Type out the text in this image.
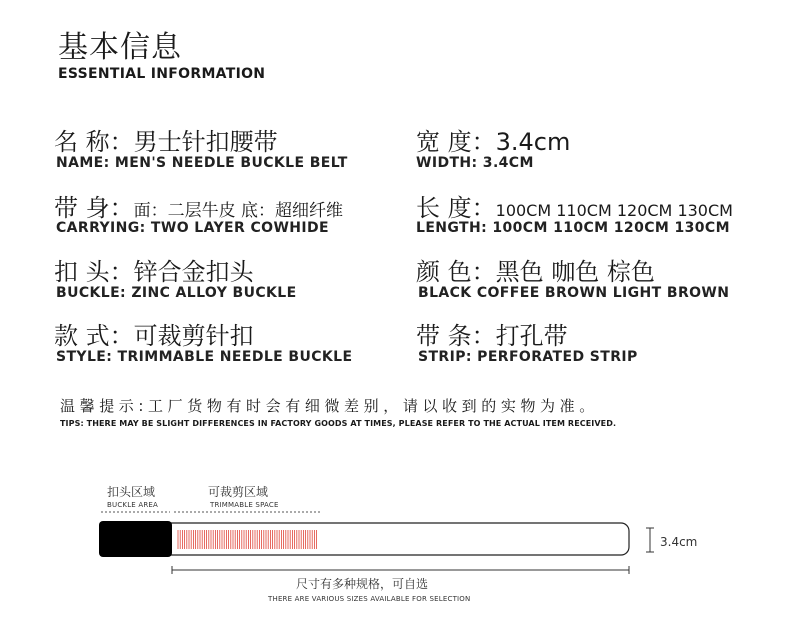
基本信息
ESSENTIAL INFORMATION
名 称：男士针扣腰带
NAME: MEN'S NEEDLE BUCKLE BELT
宽 度：3.4cm
WIDTH: 3.4CM
带 身：面：二层牛皮 底：超细纤维
CARRYING: TWO LAYER COWHIDE
长 度：100CM 110CM 120CM 130CM
LENGTH: 100CM 110CM 120CM 130CM
扣 头：锌合金扣头
BUCKLE: ZINC ALLOY BUCKLE
颜 色：黑色 咖色 棕色
BLACK COFFEE BROWN LIGHT BROWN
款 式：可裁剪针扣
STYLE: TRIMMABLE NEEDLE BUCKLE
带 条：打孔带
STRIP: PERFORATED STRIP
温馨提示:工厂货物有时会有细微差别，请以收到的实物为准。
TIPS: THERE MAY BE SLIGHT DIFFERENCES IN FACTORY GOODS AT TIMES, PLEASE REFER TO THE ACTUAL ITEM RECEIVED.
扣头区域
BUCKLE AREA
可裁剪区域
TRIMMABLE SPACE
3.4cm
尺寸有多种规格，可自选
THERE ARE VARIOUS SIZES AVAILABLE FOR SELECTION
